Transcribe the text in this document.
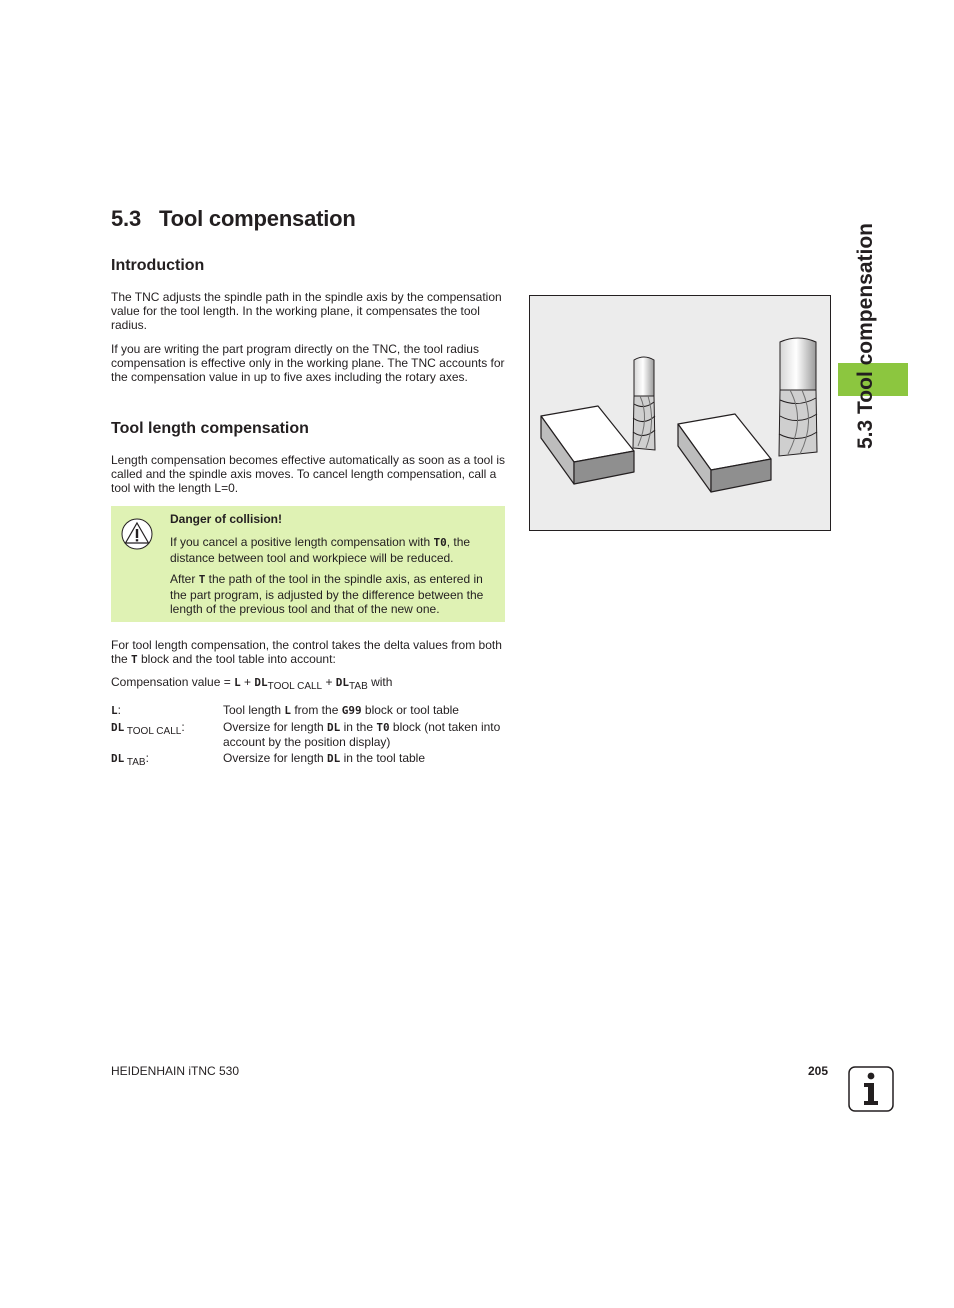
5.3 Tool compensation
Introduction

The TNC adjusts the spindle path in the spindle axis by the compensation value for the tool length. In the working plane, it compensates the tool radius.

If you are writing the part program directly on the TNC, the tool radius compensation is effective only in the working plane. The TNC accounts for the compensation value in up to five axes including the rotary axes.

Tool length compensation

Length compensation becomes effective automatically as soon as a tool is called and the spindle axis moves. To cancel length compensation, call a tool with the length L=0.

Danger of collision!

If you cancel a positive length compensation with T0, the distance between tool and workpiece will be reduced.

After T the path of the tool in the spindle axis, as entered in the part program, is adjusted by the difference between the length of the previous tool and that of the new one.

For tool length compensation, the control takes the delta values from both the T block and the tool table into account:

Compensation value = $L + DL_{TOOL CALL} + DL_{TAB}$ with

L:	Tool length L from the G99 block or tool table
DL $_{TOOL CALL}$:	Oversize for length DL in the T0 block (not taken into account by the position display)
DL $_{TAB}$:	Oversize for length DL in the tool table
5.3 Tool compensation
HEIDENHAIN iTNC 530	205
